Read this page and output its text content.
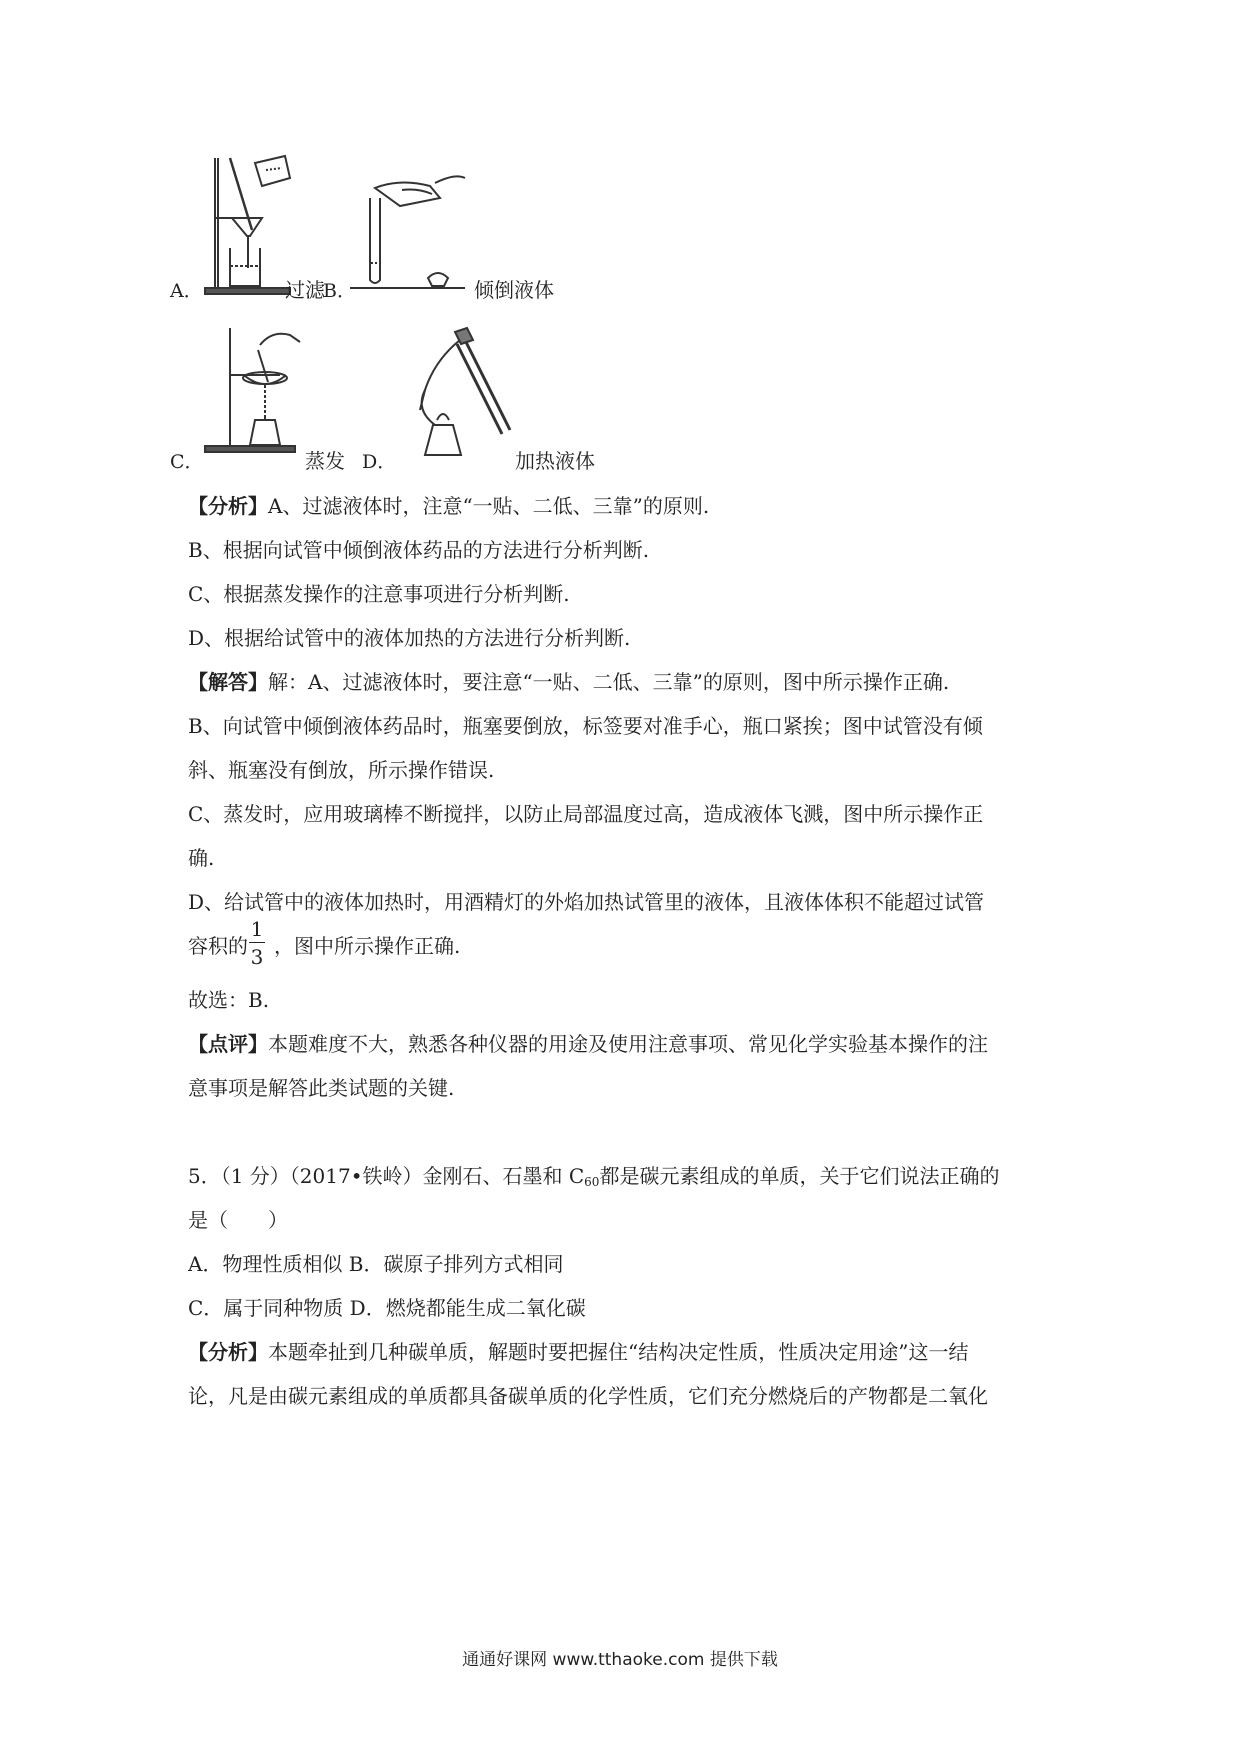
A．	过滤
B．	倾倒液体
C．	蒸发 D．	加热液体
【分析】A、过滤液体时，注意“一贴、二低、三靠”的原则.
B、根据向试管中倾倒液体药品的方法进行分析判断.
C、根据蒸发操作的注意事项进行分析判断.
D、根据给试管中的液体加热的方法进行分析判断.
【解答】解：A、过滤液体时，要注意“一贴、二低、三靠”的原则，图中所示操作正确.
B、向试管中倾倒液体药品时，瓶塞要倒放，标签要对准手心，瓶口紧挨；图中试管没有倾
斜、瓶塞没有倒放，所示操作错误.
C、蒸发时，应用玻璃棒不断搅拌，以防止局部温度过高，造成液体飞溅，图中所示操作正
确.
D、给试管中的液体加热时，用酒精灯的外焰加热试管里的液体，且液体体积不能超过试管
容积的 ，图中所示操作正确.
1
3
故选：B.
【点评】本题难度不大，熟悉各种仪器的用途及使用注意事项、常见化学实验基本操作的注
意事项是解答此类试题的关键.
5．（1 分）（2017•铁岭）金刚石、石墨和 $C_{60}$都是碳元素组成的单质，关于它们说法正确的
是（　　）
A．物理性质相似 B．碳原子排列方式相同
C．属于同种物质 D．燃烧都能生成二氧化碳
【分析】本题牵扯到几种碳单质，解题时要把握住“结构决定性质，性质决定用途”这一结
论，凡是由碳元素组成的单质都具备碳单质的化学性质，它们充分燃烧后的产物都是二氧化
通通好课网 www.tthaoke.com 提供下载
